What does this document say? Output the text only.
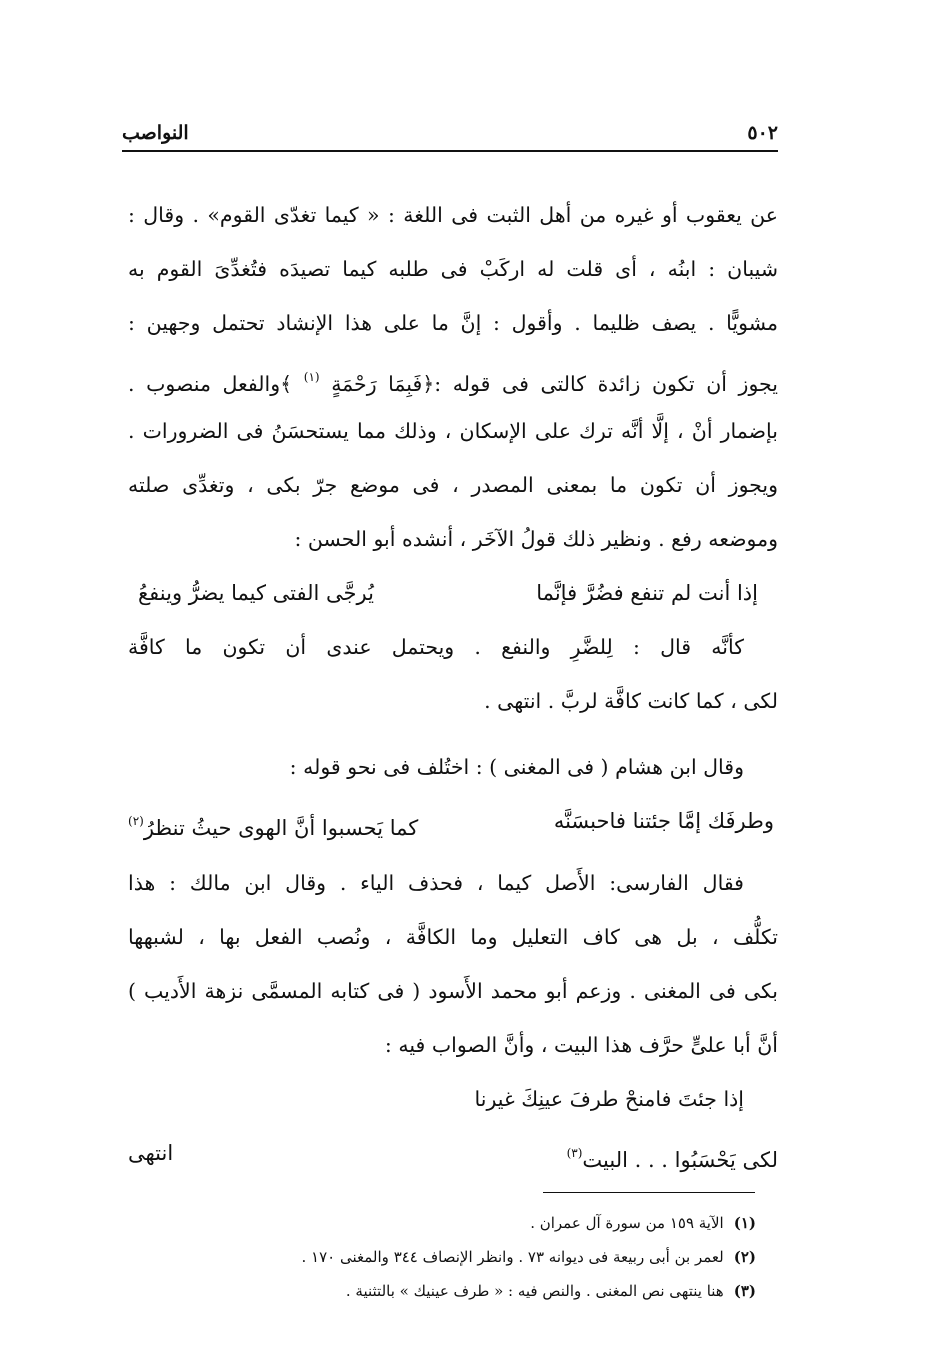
٥٠٢
النواصب
عن يعقوب أو غيره من أهل الثبت فى اللغة : « كيما تغدّى القوم» . وقال :
شيبان : ابنُه ، أى قلت له اركَبْ فى طلبه كيما تصيدَه فتُغدِّىَ القوم به
مشويًّا . يصف ظليما . وأقول : إنَّ ما على هذا الإنشاد تحتمل وجهين :
يجوز أن تكون زائدة كالتى فى قوله :﴿فَبِمَا رَحْمَةٍ $^{(١)}$ ﴾والفعل منصوب .
بإضمار أنْ ، إلَّا أنَّه ترك على الإسكان ، وذلك مما يستحسَنُ فى الضرورات .
ويجوز أن تكون ما بمعنى المصدر ، فى موضع جرّ بكى ، وتغدِّى صلته
وموضعه رفع . ونظير ذلك قولُ الآخَر ، أنشده أبو الحسن :
إذا أنت لم تنفع فضُرَّ فإنَّما
يُرجَّى الفتى كيما يضرُّ وينفعُ
كأنَّه قال : لِلضَّرِ والنفع . ويحتمل عندى أن تكون ما كافَّة
لكى ، كما كانت كافَّة لربَّ . انتهى .
وقال ابن هشام ( فى المغنى ) : اختُلف فى نحو قوله :
وطرفَك إمَّا جئتنا فاحبسَنَّه
كما يَحسبوا أنَّ الهوى حيثُ تنظرُ$^{(٢)}$
فقال الفارسى: الأَصل كيما ، فحذف الياء . وقال ابن مالك : هذا
تكلُّف ، بل هى كاف التعليل وما الكافَّة ، ونُصب الفعل بها ، لشبهها
بكى فى المغنى . وزعم أبو محمد الأَسود ( فى كتابه المسمَّى نزهة الأَديب )
أنَّ أبا علىٍّ حرَّف هذا البيت ، وأنَّ الصواب فيه :
إذا جئتَ فامنحْ طرفَ عينِكَ غيرنا
لكى يَحْسَبُوا . . . البيت$^{(٣)}$
انتهى
(١)الآية ١٥٩ من سورة آل عمران .
(٢)لعمر بن أبى ربيعة فى ديوانه ٧٣ . وانظر الإنصاف ٣٤٤ والمغنى ١٧٠ .
(٣)هنا ينتهى نص المغنى . والنص فيه : « طرف عينيك » بالتثنية .
